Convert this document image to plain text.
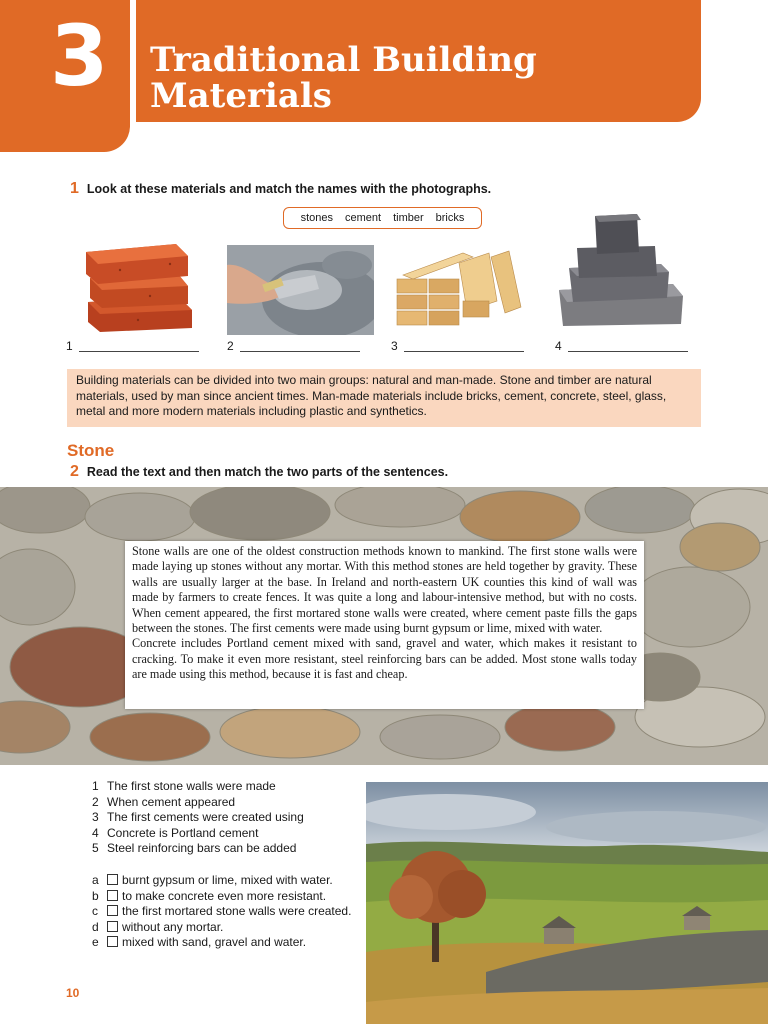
3 Traditional Building
Materials
1 Look at these materials and match the names with the photographs.
stones cement timber bricks
1	2	3	4
Building materials can be divided into two main groups: natural and man-made. Stone and timber are natural materials, used by man since ancient times. Man-made materials include bricks, cement, concrete, steel, glass, metal and more modern materials including plastic and synthetics.
Stone
2 Read the text and then match the two parts of the sentences.

Stone walls are one of the oldest construction methods known to mankind. The first stone walls were made laying up stones without any mortar. With this method stones are held together by gravity. These walls are usually larger at the base. In Ireland and north-eastern UK counties this kind of wall was made by farmers to create fences. It was quite a long and labour-intensive method, but with no costs. When cement appeared, the first mortared stone walls were created, where cement paste fills the gaps between the stones. The first cements were made using burnt gypsum or lime, mixed with water.

Concrete includes Portland cement mixed with sand, gravel and water, which makes it resistant to cracking. To make it even more resistant, steel reinforcing bars can be added. Most stone walls today are made using this method, because it is fast and cheap.

1 The first stone walls were made
2 When cement appeared
3 The first cements were created using
4 Concrete is Portland cement
5 Steel reinforcing bars can be added
a	burnt gypsum or lime, mixed with water.
b	to make concrete even more resistant.
c	the first mortared stone walls were created.
d	without any mortar.
e	mixed with sand, gravel and water.
10
